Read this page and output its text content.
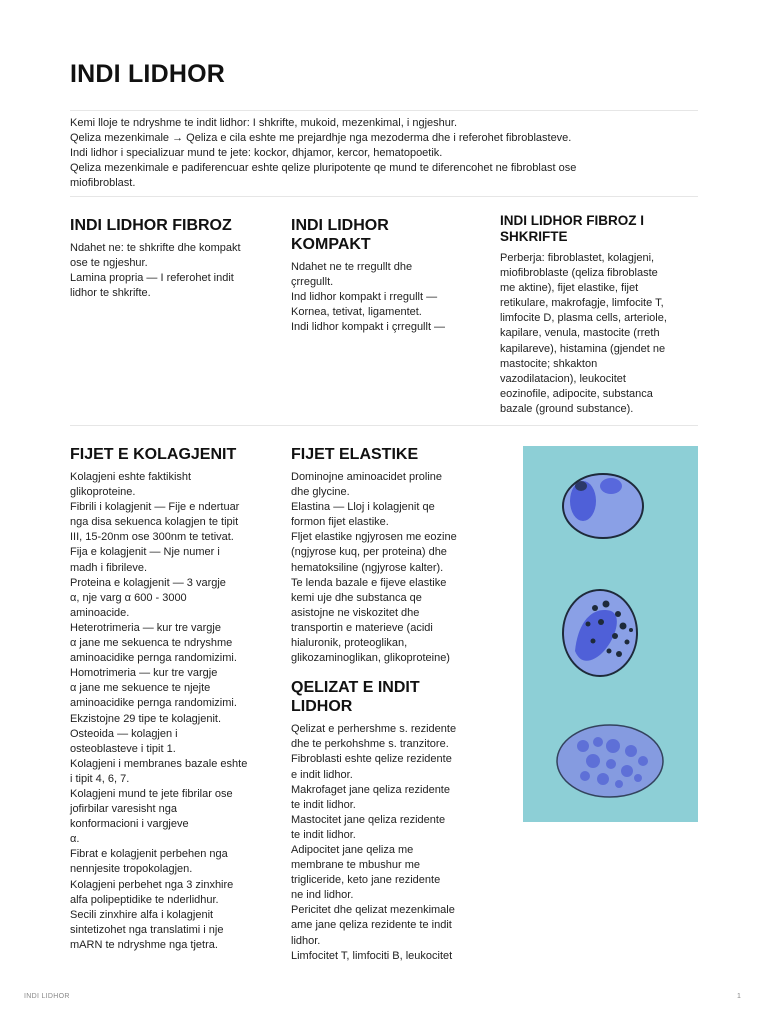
INDI LIDHOR

Kemi lloje te ndryshme te indit lidhor: I shkrifte, mukoid, mezenkimal, i ngjeshur.

Qeliza mezenkimale → Qeliza e cila eshte me prejardhje nga mezoderma dhe i referohet fibroblasteve.

Indi lidhor i specializuar mund te jete: kockor, dhjamor, kercor, hematopoetik.

Qeliza mezenkimale e padiferencuar eshte qelize pluripotente qe mund te diferencohet ne fibroblast ose

miofibroblast.

INDI LIDHOR FIBROZ

Ndahet ne: te shkrifte dhe kompakt

ose te ngjeshur.

Lamina propria — I referohet indit

lidhor te shkrifte.

INDI LIDHOR
KOMPAKT

Ndahet ne te rregullt dhe

çrregullt.

Ind lidhor kompakt i rregullt —

Kornea, tetivat, ligamentet.

Indi lidhor kompakt i çrregullt —

INDI LIDHOR FIBROZ I
SHKRIFTE

Perberja: fibroblastet, kolagjeni,

miofibroblaste (qeliza fibroblaste

me aktine), fijet elastike, fijet

retikulare, makrofagje, limfocite T,

limfocite D, plasma cells, arteriole,

kapilare, venula, mastocite (rreth

kapilareve), histamina (gjendet ne

mastocite; shkakton

vazodilatacion), leukocitet

eozinofile, adipocite, substanca

bazale (ground substance).

FIJET E KOLAGJENIT

Kolagjeni eshte faktikisht

glikoproteine.

Fibrili i kolagjenit — Fije e ndertuar

nga disa sekuenca kolagjen te tipit

III, 15-20nm ose 300nm te tetivat.

Fija e kolagjenit — Nje numer i

madh i fibrileve.

Proteina e kolagjenit — 3 vargje

α, nje varg α 600 - 3000

aminoacide.

Heterotrimeria — kur tre vargje

α jane me sekuenca te ndryshme

aminoacidike pernga randomizimi.

Homotrimeria — kur tre vargje

α jane me sekuence te njejte

aminoacidike pernga randomizimi.

Ekzistojne 29 tipe te kolagjenit.

Osteoida — kolagjen i

osteoblasteve i tipit 1.

Kolagjeni i membranes bazale eshte

i tipit 4, 6, 7.

Kolagjeni mund te jete fibrilar ose

jofirbilar varesisht nga

konformacioni i vargjeve

α.

Fibrat e kolagjenit perbehen nga

nennjesite tropokolagjen.

Kolagjeni perbehet nga 3 zinxhire

alfa polipeptidike te nderlidhur.

Secili zinxhire alfa i kolagjenit

sintetizohet nga translatimi i nje

mARN te ndryshme nga tjetra.

FIJET ELASTIKE

Dominojne aminoacidet proline

dhe glycine.

Elastina — Lloj i kolagjenit qe

formon fijet elastike.

Fljet elastike ngjyrosen me eozine

(ngjyrose kuq, per proteina) dhe

hematoksiline (ngjyrose kalter).

Te lenda bazale e fijeve elastike

kemi uje dhe substanca qe

asistojne ne viskozitet dhe

transportin e materieve (acidi

hialuronik, proteoglikan,

glikozaminoglikan, glikoproteine)

QELIZAT E INDIT
LIDHOR

Qelizat e perhershme s. rezidente

dhe te perkohshme s. tranzitore.

Fibroblasti eshte qelize rezidente

e indit lidhor.

Makrofaget jane qeliza rezidente

te indit lidhor.

Mastocitet jane qeliza rezidente

te indit lidhor.

Adipocitet jane qeliza me

membrane te mbushur me

trigliceride, keto jane rezidente

ne ind lidhor.

Pericitet dhe qelizat mezenkimale

ame jane qeliza rezidente te indit

lidhor.

Limfocitet T, limfociti B, leukocitet

INDI LIDHOR	1
